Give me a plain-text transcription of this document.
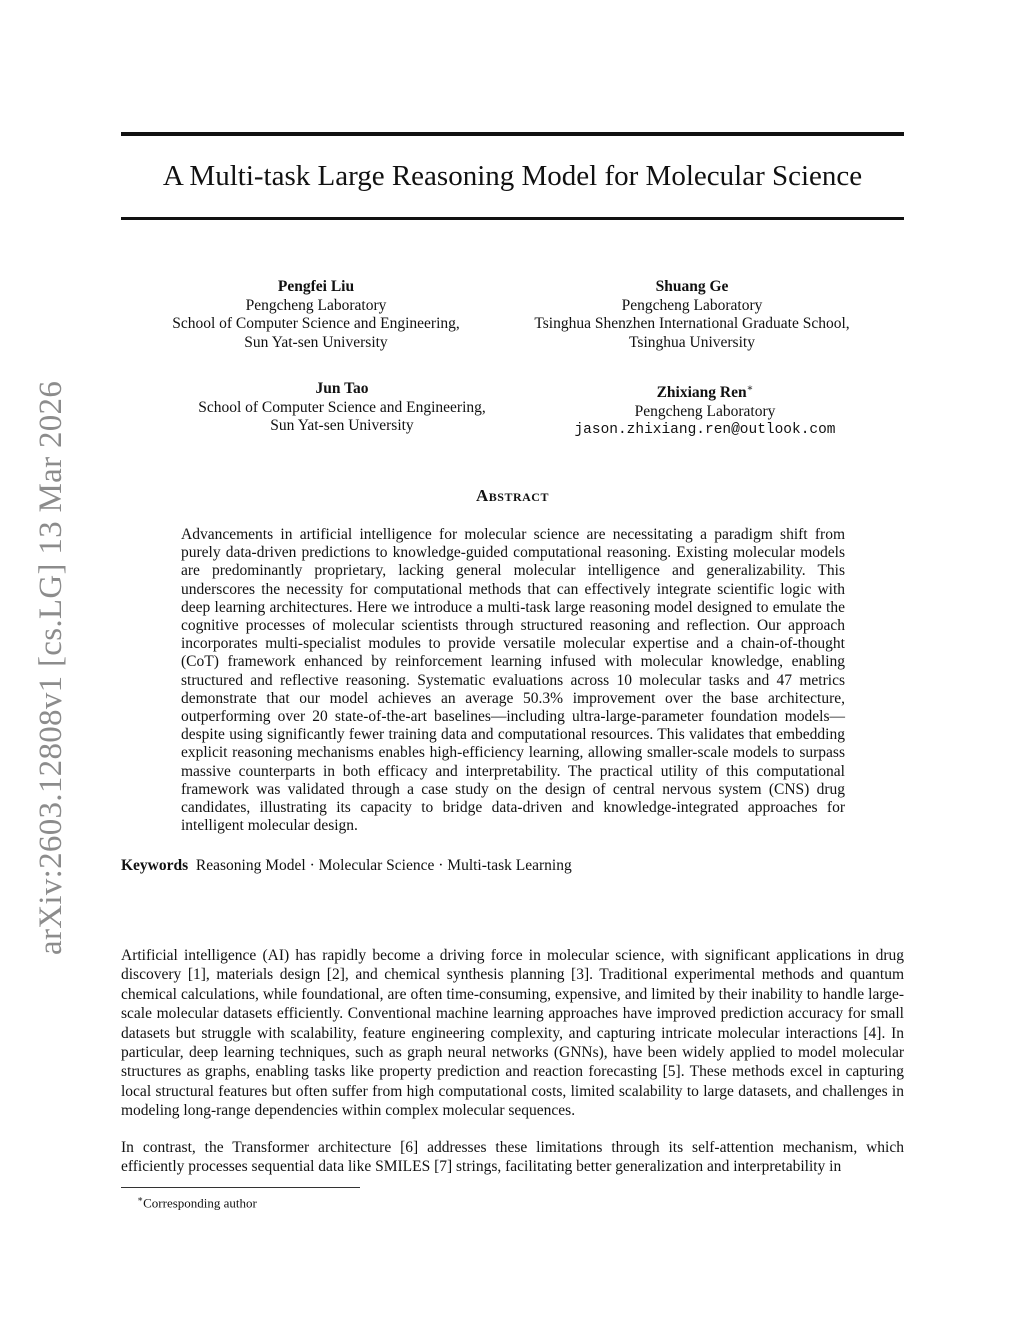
arXiv:2603.12808v1 [cs.LG] 13 Mar 2026
A Multi-task Large Reasoning Model for Molecular Science
Pengfei Liu
Pengcheng Laboratory
School of Computer Science and Engineering,
Sun Yat-sen University
Shuang Ge
Pengcheng Laboratory
Tsinghua Shenzhen International Graduate School,
Tsinghua University
Jun Tao
School of Computer Science and Engineering,
Sun Yat-sen University
Zhixiang Ren∗
Pengcheng Laboratory
jason.zhixiang.ren@outlook.com
Abstract
Advancements in artificial intelligence for molecular science are necessitating a paradigm shift from purely data-driven predictions to knowledge-guided computational reasoning. Existing molecular models are predominantly proprietary, lacking general molecular intelligence and generalizability. This underscores the necessity for computational methods that can effectively integrate scientific logic with deep learning architectures. Here we introduce a multi-task large reasoning model designed to emulate the cognitive processes of molecular scientists through structured reasoning and reflection. Our approach incorporates multi-specialist modules to provide versatile molecular expertise and a chain-of-thought (CoT) framework enhanced by reinforcement learning infused with molecular knowledge, enabling structured and reflective reasoning. Systematic evaluations across 10 molecular tasks and 47 metrics demonstrate that our model achieves an average 50.3% improvement over the base architecture, outperforming over 20 state-of-the-art baselines—including ultra-large-parameter foundation models—despite using significantly fewer training data and computational resources. This validates that embedding explicit reasoning mechanisms enables high-efficiency learning, allowing smaller-scale models to surpass massive counterparts in both efficacy and interpretability. The practical utility of this computational framework was validated through a case study on the design of central nervous system (CNS) drug candidates, illustrating its capacity to bridge data-driven and knowledge-integrated approaches for intelligent molecular design.
Keywords Reasoning Model · Molecular Science · Multi-task Learning
Artificial intelligence (AI) has rapidly become a driving force in molecular science, with significant applications in drug discovery [1], materials design [2], and chemical synthesis planning [3]. Traditional experimental methods and quantum chemical calculations, while foundational, are often time-consuming, expensive, and limited by their inability to handle large-scale molecular datasets efficiently. Conventional machine learning approaches have improved prediction accuracy for small datasets but struggle with scalability, feature engineering complexity, and capturing intricate molecular interactions [4]. In particular, deep learning techniques, such as graph neural networks (GNNs), have been widely applied to model molecular structures as graphs, enabling tasks like property prediction and reaction forecasting [5]. These methods excel in capturing local structural features but often suffer from high computational costs, limited scalability to large datasets, and challenges in modeling long-range dependencies within complex molecular sequences.
In contrast, the Transformer architecture [6] addresses these limitations through its self-attention mechanism, which efficiently processes sequential data like SMILES [7] strings, facilitating better generalization and interpretability in
∗Corresponding author
